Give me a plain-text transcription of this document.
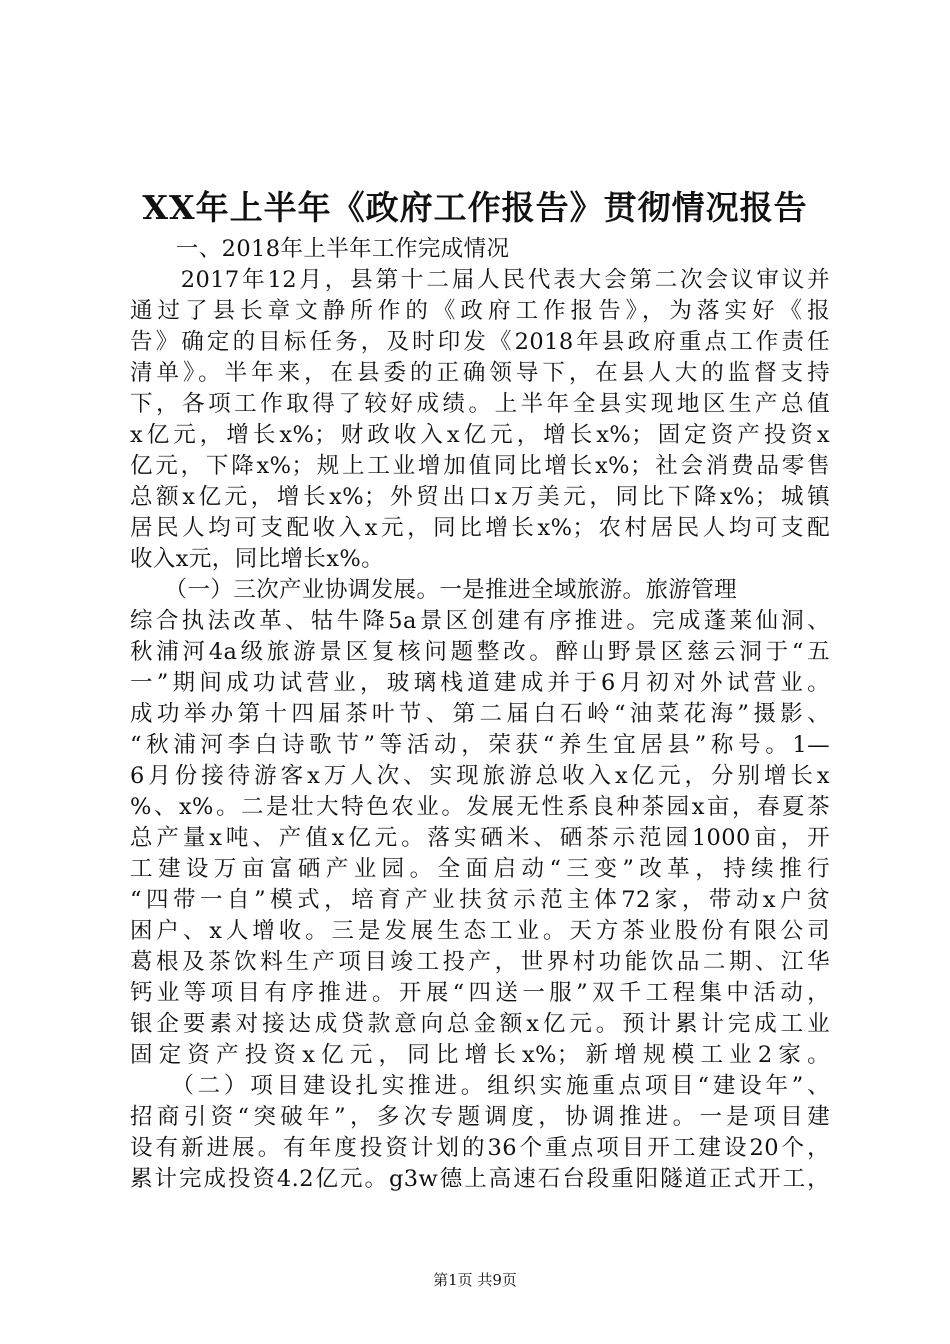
XX年上半年《政府工作报告》贯彻情况报告
　　一、2018年上半年工作完成情况
　　2017年12月，县第十二届人民代表大会第二次会议审议并
通过了县长章文静所作的《政府工作报告》，为落实好《报
告》确定的目标任务，及时印发《2018年县政府重点工作责任
清单》。半年来，在县委的正确领导下，在县人大的监督支持
下，各项工作取得了较好成绩。上半年全县实现地区生产总值
x亿元，增长x%；财政收入x亿元，增长x%；固定资产投资x
亿元，下降x%；规上工业增加值同比增长x%；社会消费品零售
总额x亿元，增长x%；外贸出口x万美元，同比下降x%；城镇
居民人均可支配收入x元，同比增长x%；农村居民人均可支配
收入x元，同比增长x%。
　　（一）三次产业协调发展。一是推进全域旅游。旅游管理
综合执法改革、牯牛降5a景区创建有序推进。完成蓬莱仙洞、
秋浦河4a级旅游景区复核问题整改。醉山野景区慈云洞于“五
一”期间成功试营业，玻璃栈道建成并于6月初对外试营业。
成功举办第十四届茶叶节、第二届白石岭“油菜花海”摄影、
“秋浦河李白诗歌节”等活动，荣获“养生宜居县”称号。1—
6月份接待游客x万人次、实现旅游总收入x亿元，分别增长x
%、x%。二是壮大特色农业。发展无性系良种茶园x亩，春夏茶
总产量x吨、产值x亿元。落实硒米、硒茶示范园1000亩，开
工建设万亩富硒产业园。全面启动“三变”改革，持续推行
“四带一自”模式，培育产业扶贫示范主体72家，带动x户贫
困户、x人增收。三是发展生态工业。天方茶业股份有限公司
葛根及茶饮料生产项目竣工投产，世界村功能饮品二期、江华
钙业等项目有序推进。开展“四送一服”双千工程集中活动，
银企要素对接达成贷款意向总金额x亿元。预计累计完成工业
固定资产投资x亿元，同比增长x%；新增规模工业2家。
　　（二）项目建设扎实推进。组织实施重点项目“建设年”、
招商引资“突破年”，多次专题调度，协调推进。一是项目建
设有新进展。有年度投资计划的36个重点项目开工建设20个，
累计完成投资4.2亿元。g3w德上高速石台段重阳隧道正式开工，
第1页 共9页
